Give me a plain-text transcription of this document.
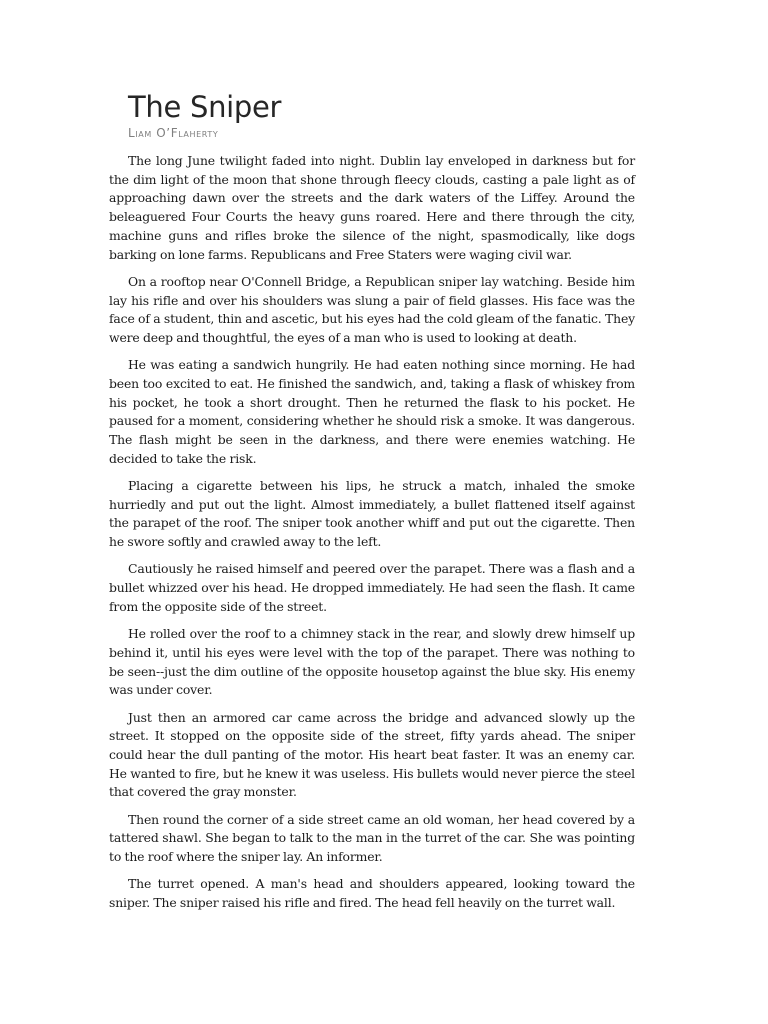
The Sniper
Liam O’Flaherty

The long June twilight faded into night. Dublin lay enveloped in darkness but for the dim light of the moon that shone through fleecy clouds, casting a pale light as of approaching dawn over the streets and the dark waters of the Liffey. Around the beleaguered Four Courts the heavy guns roared. Here and there through the city, machine guns and rifles broke the silence of the night, spasmodically, like dogs barking on lone farms. Republicans and Free Staters were waging civil war.

On a rooftop near O'Connell Bridge, a Republican sniper lay watching. Beside him lay his rifle and over his shoulders was slung a pair of field glasses. His face was the face of a student, thin and ascetic, but his eyes had the cold gleam of the fanatic. They were deep and thoughtful, the eyes of a man who is used to looking at death.

He was eating a sandwich hungrily. He had eaten nothing since morning. He had been too excited to eat. He finished the sandwich, and, taking a flask of whiskey from his pocket, he took a short drought. Then he returned the flask to his pocket. He paused for a moment, considering whether he should risk a smoke. It was dangerous. The flash might be seen in the darkness, and there were enemies watching. He decided to take the risk.

Placing a cigarette between his lips, he struck a match, inhaled the smoke hurriedly and put out the light. Almost immediately, a bullet flattened itself against the parapet of the roof. The sniper took another whiff and put out the cigarette. Then he swore softly and crawled away to the left.

Cautiously he raised himself and peered over the parapet. There was a flash and a bullet whizzed over his head. He dropped immediately. He had seen the flash. It came from the opposite side of the street.

He rolled over the roof to a chimney stack in the rear, and slowly drew himself up behind it, until his eyes were level with the top of the parapet. There was nothing to be seen--just the dim outline of the opposite housetop against the blue sky. His enemy was under cover.

Just then an armored car came across the bridge and advanced slowly up the street. It stopped on the opposite side of the street, fifty yards ahead. The sniper could hear the dull panting of the motor. His heart beat faster. It was an enemy car. He wanted to fire, but he knew it was useless. His bullets would never pierce the steel that covered the gray monster.

Then round the corner of a side street came an old woman, her head covered by a tattered shawl. She began to talk to the man in the turret of the car. She was pointing to the roof where the sniper lay. An informer.

The turret opened. A man's head and shoulders appeared, looking toward the sniper. The sniper raised his rifle and fired. The head fell heavily on the turret wall.
